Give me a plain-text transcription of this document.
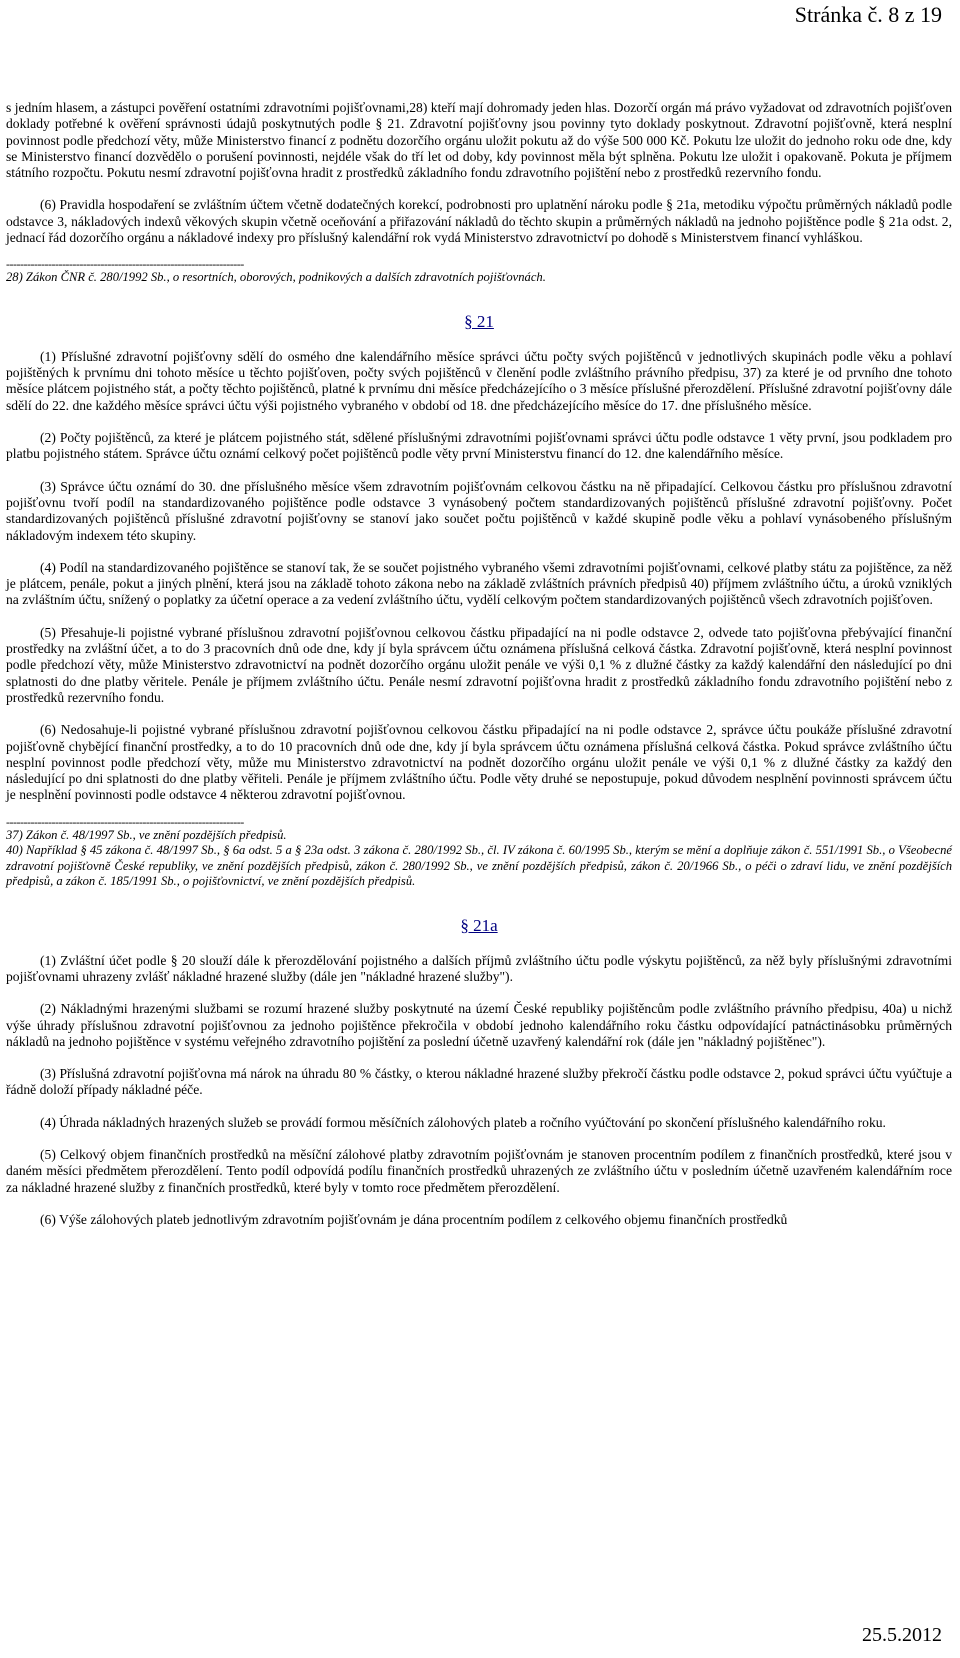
Stránka č. 8 z 19

s jedním hlasem, a zástupci pověření ostatními zdravotními pojišťovnami,28) kteří mají dohromady jeden hlas. Dozorčí orgán má právo vyžadovat od zdravotních pojišťoven doklady potřebné k ověření správnosti údajů poskytnutých podle § 21. Zdravotní pojišťovny jsou povinny tyto doklady poskytnout. Zdravotní pojišťovně, která nesplní povinnost podle předchozí věty, může Ministerstvo financí z podnětu dozorčího orgánu uložit pokutu až do výše 500 000 Kč. Pokutu lze uložit do jednoho roku ode dne, kdy se Ministerstvo financí dozvědělo o porušení povinnosti, nejdéle však do tří let od doby, kdy povinnost měla být splněna. Pokutu lze uložit i opakovaně. Pokuta je příjmem státního rozpočtu. Pokutu nesmí zdravotní pojišťovna hradit z prostředků základního fondu zdravotního pojištění nebo z prostředků rezervního fondu.

(6) Pravidla hospodaření se zvláštním účtem včetně dodatečných korekcí, podrobnosti pro uplatnění nároku podle § 21a, metodiku výpočtu průměrných nákladů podle odstavce 3, nákladových indexů věkových skupin včetně oceňování a přiřazování nákladů do těchto skupin a průměrných nákladů na jednoho pojištěnce podle § 21a odst. 2, jednací řád dozorčího orgánu a nákladové indexy pro příslušný kalendářní rok vydá Ministerstvo zdravotnictví po dohodě s Ministerstvem financí vyhláškou.

--------------------------------------------------------------------

28) Zákon ČNR č. 280/1992 Sb., o resortních, oborových, podnikových a dalších zdravotních pojišťovnách.

§ 21

(1) Příslušné zdravotní pojišťovny sdělí do osmého dne kalendářního měsíce správci účtu počty svých pojištěnců v jednotlivých skupinách podle věku a pohlaví pojištěných k prvnímu dni tohoto měsíce u těchto pojišťoven, počty svých pojištěnců v členění podle zvláštního právního předpisu, 37) za které je od prvního dne tohoto měsíce plátcem pojistného stát, a počty těchto pojištěnců, platné k prvnímu dni měsíce předcházejícího o 3 měsíce příslušné přerozdělení. Příslušné zdravotní pojišťovny dále sdělí do 22. dne každého měsíce správci účtu výši pojistného vybraného v období od 18. dne předcházejícího měsíce do 17. dne příslušného měsíce.

(2) Počty pojištěnců, za které je plátcem pojistného stát, sdělené příslušnými zdravotními pojišťovnami správci účtu podle odstavce 1 věty první, jsou podkladem pro platbu pojistného státem. Správce účtu oznámí celkový počet pojištěnců podle věty první Ministerstvu financí do 12. dne kalendářního měsíce.

(3) Správce účtu oznámí do 30. dne příslušného měsíce všem zdravotním pojišťovnám celkovou částku na ně připadající. Celkovou částku pro příslušnou zdravotní pojišťovnu tvoří podíl na standardizovaného pojištěnce podle odstavce 3 vynásobený počtem standardizovaných pojištěnců příslušné zdravotní pojišťovny. Počet standardizovaných pojištěnců příslušné zdravotní pojišťovny se stanoví jako součet počtu pojištěnců v každé skupině podle věku a pohlaví vynásobeného příslušným nákladovým indexem této skupiny.

(4) Podíl na standardizovaného pojištěnce se stanoví tak, že se součet pojistného vybraného všemi zdravotními pojišťovnami, celkové platby státu za pojištěnce, za něž je plátcem, penále, pokut a jiných plnění, která jsou na základě tohoto zákona nebo na základě zvláštních právních předpisů 40) příjmem zvláštního účtu, a úroků vzniklých na zvláštním účtu, snížený o poplatky za účetní operace a za vedení zvláštního účtu, vydělí celkovým počtem standardizovaných pojištěnců všech zdravotních pojišťoven.

(5) Přesahuje-li pojistné vybrané příslušnou zdravotní pojišťovnou celkovou částku připadající na ni podle odstavce 2, odvede tato pojišťovna přebývající finanční prostředky na zvláštní účet, a to do 3 pracovních dnů ode dne, kdy jí byla správcem účtu oznámena příslušná celková částka. Zdravotní pojišťovně, která nesplní povinnost podle předchozí věty, může Ministerstvo zdravotnictví na podnět dozorčího orgánu uložit penále ve výši 0,1 % z dlužné částky za každý kalendářní den následující po dni splatnosti do dne platby věritele. Penále je příjmem zvláštního účtu. Penále nesmí zdravotní pojišťovna hradit z prostředků základního fondu zdravotního pojištění nebo z prostředků rezervního fondu.

(6) Nedosahuje-li pojistné vybrané příslušnou zdravotní pojišťovnou celkovou částku připadající na ni podle odstavce 2, správce účtu poukáže příslušné zdravotní pojišťovně chybějící finanční prostředky, a to do 10 pracovních dnů ode dne, kdy jí byla správcem účtu oznámena příslušná celková částka. Pokud správce zvláštního účtu nesplní povinnost podle předchozí věty, může mu Ministerstvo zdravotnictví na podnět dozorčího orgánu uložit penále ve výši 0,1 % z dlužné částky za každý den následující po dni splatnosti do dne platby věřiteli. Penále je příjmem zvláštního účtu. Podle věty druhé se nepostupuje, pokud důvodem nesplnění povinnosti správcem účtu je nesplnění povinnosti podle odstavce 4 některou zdravotní pojišťovnou.

--------------------------------------------------------------------

37) Zákon č. 48/1997 Sb., ve znění pozdějších předpisů.

40) Například § 45 zákona č. 48/1997 Sb., § 6a odst. 5 a § 23a odst. 3 zákona č. 280/1992 Sb., čl. IV zákona č. 60/1995 Sb., kterým se mění a doplňuje zákon č. 551/1991 Sb., o Všeobecné zdravotní pojišťovně České republiky, ve znění pozdějších předpisů, zákon č. 280/1992 Sb., ve znění pozdějších předpisů, zákon č. 20/1966 Sb., o péči o zdraví lidu, ve znění pozdějších předpisů, a zákon č. 185/1991 Sb., o pojišťovnictví, ve znění pozdějších předpisů.

§ 21a

(1) Zvláštní účet podle § 20 slouží dále k přerozdělování pojistného a dalších příjmů zvláštního účtu podle výskytu pojištěnců, za něž byly příslušnými zdravotními pojišťovnami uhrazeny zvlášť nákladné hrazené služby (dále jen "nákladné hrazené služby").

(2) Nákladnými hrazenými službami se rozumí hrazené služby poskytnuté na území České republiky pojištěncům podle zvláštního právního předpisu, 40a) u nichž výše úhrady příslušnou zdravotní pojišťovnou za jednoho pojištěnce překročila v období jednoho kalendářního roku částku odpovídající patnáctinásobku průměrných nákladů na jednoho pojištěnce v systému veřejného zdravotního pojištění za poslední účetně uzavřený kalendářní rok (dále jen "nákladný pojištěnec").

(3) Příslušná zdravotní pojišťovna má nárok na úhradu 80 % částky, o kterou nákladné hrazené služby překročí částku podle odstavce 2, pokud správci účtu vyúčtuje a řádně doloží případy nákladné péče.

(4) Úhrada nákladných hrazených služeb se provádí formou měsíčních zálohových plateb a ročního vyúčtování po skončení příslušného kalendářního roku.

(5) Celkový objem finančních prostředků na měsíční zálohové platby zdravotním pojišťovnám je stanoven procentním podílem z finančních prostředků, které jsou v daném měsíci předmětem přerozdělení. Tento podíl odpovídá podílu finančních prostředků uhrazených ze zvláštního účtu v posledním účetně uzavřeném kalendářním roce za nákladné hrazené služby z finančních prostředků, které byly v tomto roce předmětem přerozdělení.

(6) Výše zálohových plateb jednotlivým zdravotním pojišťovnám je dána procentním podílem z celkového objemu finančních prostředků

25.5.2012
